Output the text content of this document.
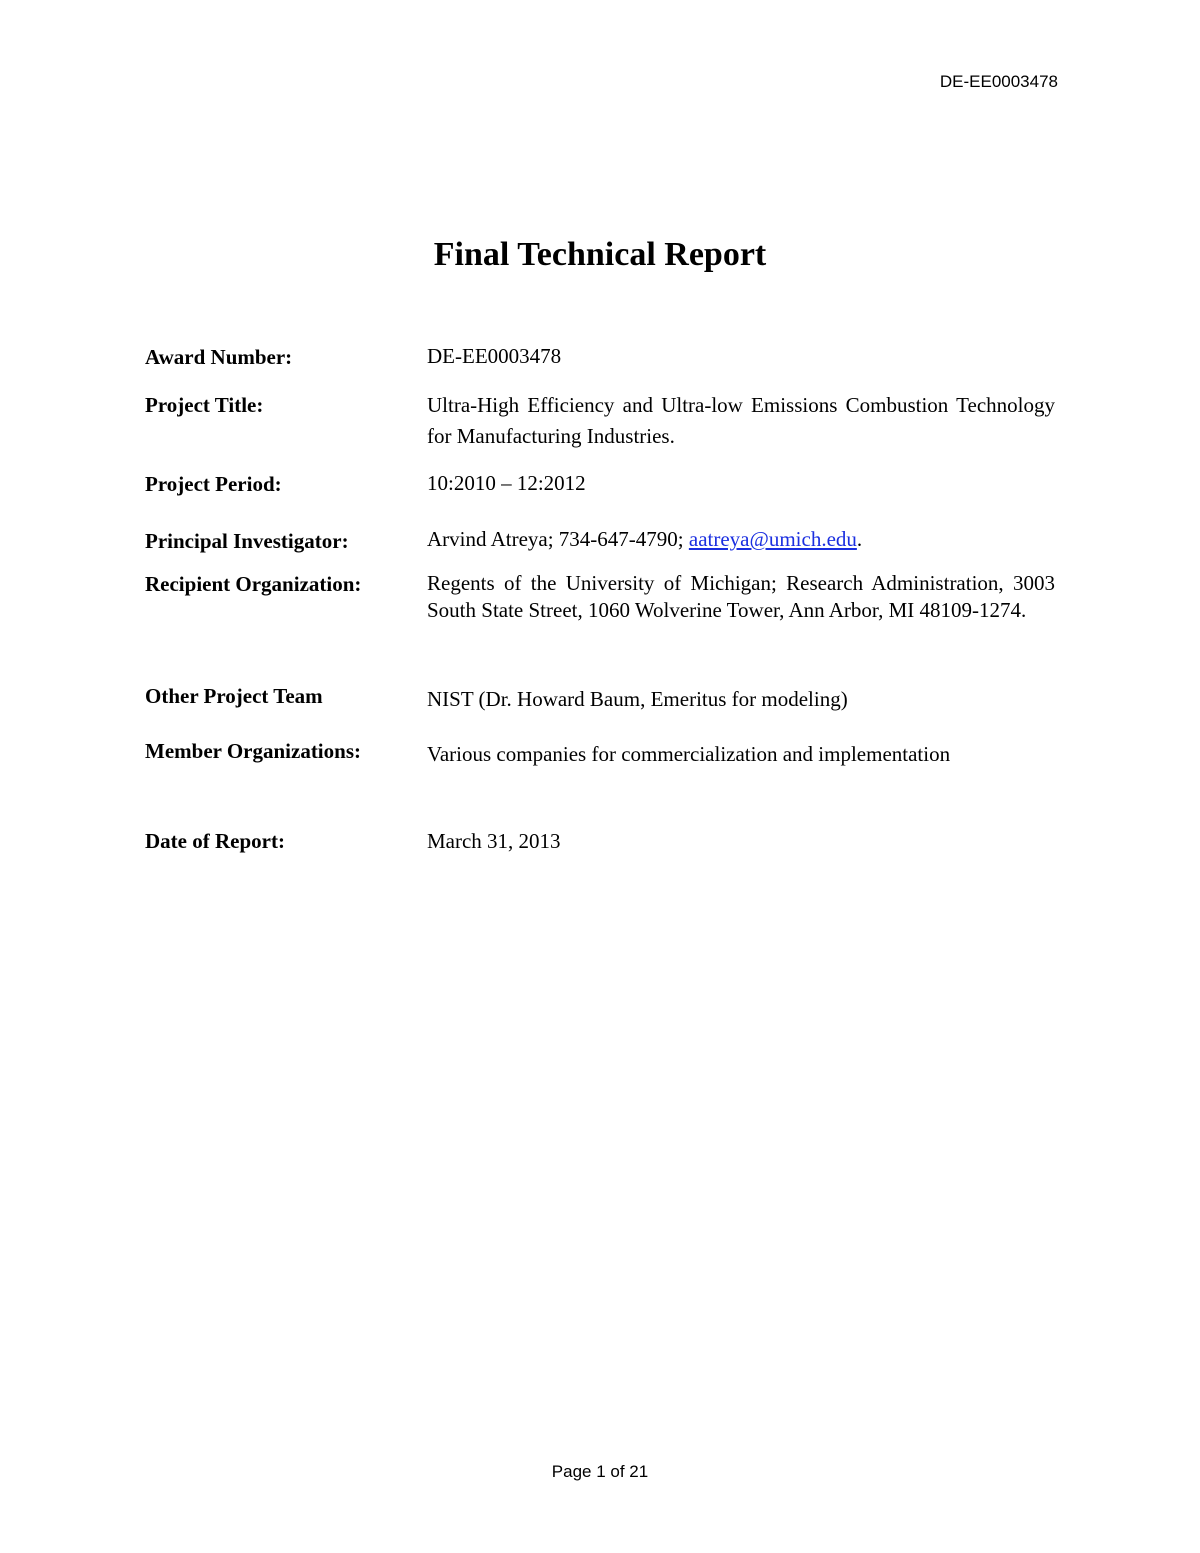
DE-EE0003478
Final Technical Report
Award Number:	DE-EE0003478
Project Title:	Ultra-High Efficiency and Ultra-low Emissions Combustion Technology for Manufacturing Industries.
Project Period:	10:2010 – 12:2012
Principal Investigator:	Arvind Atreya; 734-647-4790; aatreya@umich.edu.
Recipient Organization:	Regents of the University of Michigan; Research Administration, 3003 South State Street, 1060 Wolverine Tower, Ann Arbor, MI 48109-1274.
Other Project Team	NIST (Dr. Howard Baum, Emeritus for modeling)
Member Organizations:	Various companies for commercialization and implementation
Date of Report:	March 31, 2013
Page 1 of 21
